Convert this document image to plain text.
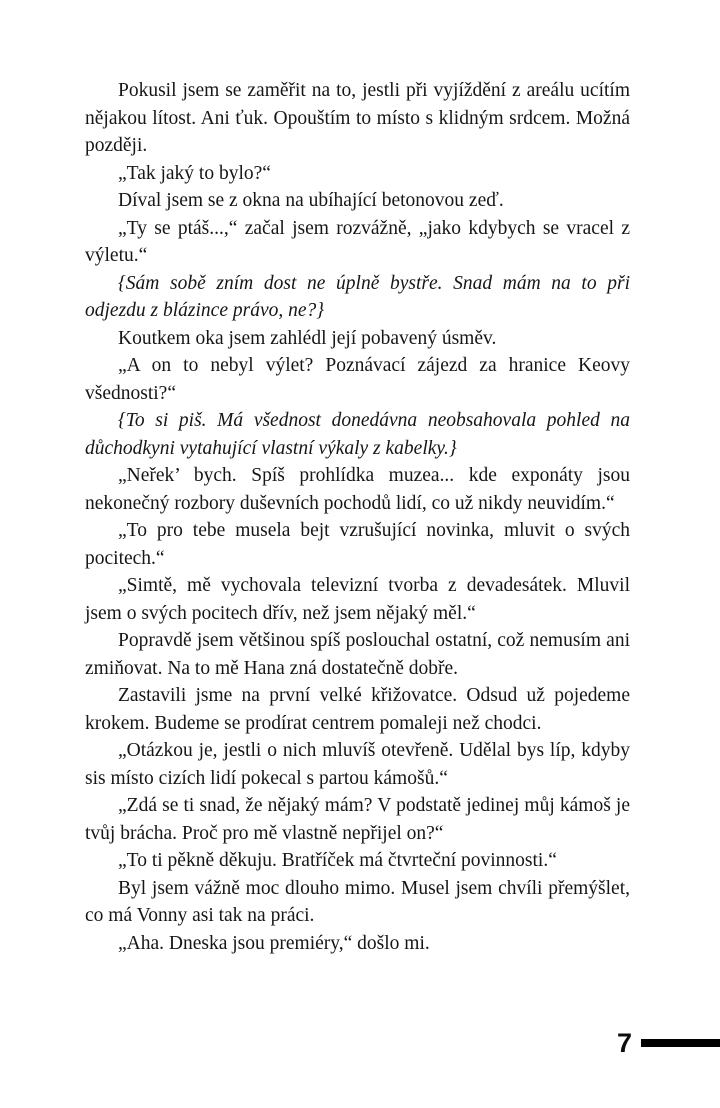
Pokusil jsem se zaměřit na to, jestli při vyjíždění z areálu ucítím nějakou lítost. Ani ťuk. Opouštím to místo s klidným srdcem. Možná později.

„Tak jaký to bylo?“

Díval jsem se z okna na ubíhající betonovou zeď.

„Ty se ptáš...,“ začal jsem rozvážně, „jako kdybych se vracel z výletu.“

{Sám sobě zním dost ne úplně bystře. Snad mám na to při odjezdu z blázince právo, ne?}

Koutkem oka jsem zahlédl její pobavený úsměv.

„A on to nebyl výlet? Poznávací zájezd za hranice Keovy všednosti?“

{To si piš. Má všednost donedávna neobsahovala pohled na důchodkyni vytahující vlastní výkaly z kabelky.}

„Neřek’ bych. Spíš prohlídka muzea... kde exponáty jsou nekonečný rozbory duševních pochodů lidí, co už nikdy neuvidím.“

„To pro tebe musela bejt vzrušující novinka, mluvit o svých pocitech.“

„Simtě, mě vychovala televizní tvorba z devadesátek. Mluvil jsem o svých pocitech dřív, než jsem nějaký měl.“

Popravdě jsem většinou spíš poslouchal ostatní, což nemusím ani zmiňovat. Na to mě Hana zná dostatečně dobře.

Zastavili jsme na první velké křižovatce. Odsud už pojedeme krokem. Budeme se prodírat centrem pomaleji než chodci.

„Otázkou je, jestli o nich mluvíš otevřeně. Udělal bys líp, kdyby sis místo cizích lidí pokecal s partou kámošů.“

„Zdá se ti snad, že nějaký mám? V podstatě jedinej můj kámoš je tvůj brácha. Proč pro mě vlastně nepřijel on?“

„To ti pěkně děkuju. Bratříček má čtvrteční povinnosti.“

Byl jsem vážně moc dlouho mimo. Musel jsem chvíli přemýšlet, co má Vonny asi tak na práci.

„Aha. Dneska jsou premiéry,“ došlo mi.

7
